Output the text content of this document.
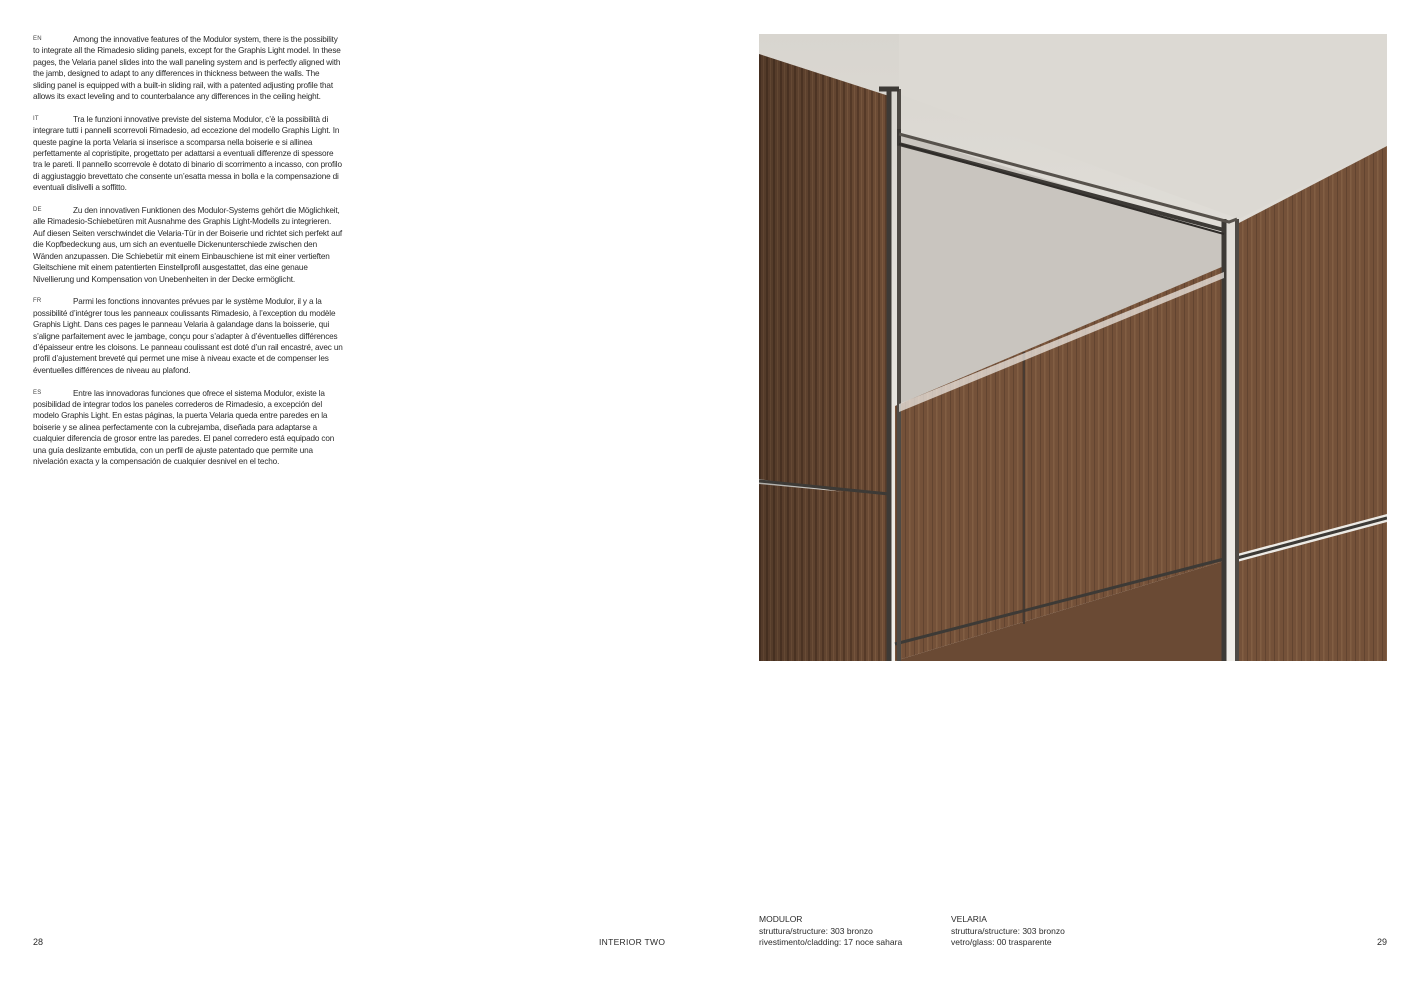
EN	Among the innovative features of the Modulor system, there is the possibility to integrate all the Rimadesio sliding panels, except for the Graphis Light model. In these pages, the Velaria panel slides into the wall paneling system and is perfectly aligned with the jamb, designed to adapt to any differences in thickness between the walls. The sliding panel is equipped with a built-in sliding rail, with a patented adjusting profile that allows its exact leveling and to counterbalance any differences in the ceiling height.
IT	Tra le funzioni innovative previste del sistema Modulor, c’è la possibilità di integrare tutti i pannelli scorrevoli Rimadesio, ad eccezione del modello Graphis Light. In queste pagine la porta Velaria si inserisce a scomparsa nella boiserie e si allinea perfettamente al copristipite, progettato per adattarsi a eventuali differenze di spessore tra le pareti. Il pannello scorrevole è dotato di binario di scorrimento a incasso, con profilo di aggiustaggio brevettato che consente un’esatta messa in bolla e la compensazione di eventuali dislivelli a soffitto.
DE	Zu den innovativen Funktionen des Modulor-Systems gehört die Möglichkeit, alle Rimadesio-Schiebetüren mit Ausnahme des Graphis Light-Modells zu integrieren. Auf diesen Seiten verschwindet die Velaria-Tür in der Boiserie und richtet sich perfekt auf die Kopfbedeckung aus, um sich an eventuelle Dickenunterschiede zwischen den Wänden anzupassen. Die Schiebetür mit einem Einbauschiene ist mit einer vertieften Gleitschiene mit einem patentierten Einstellprofil ausgestattet, das eine genaue Nivellierung und Kompensation von Unebenheiten in der Decke ermöglicht.
FR	Parmi les fonctions innovantes prévues par le système Modulor, il y a la possibilité d’intégrer tous les panneaux coulissants Rimadesio, à l’exception du modèle Graphis Light. Dans ces pages le panneau Velaria à galandage dans la boisserie, qui s’aligne parfaitement avec le jambage, conçu pour s’adapter à d’éventuelles différences d’épaisseur entre les cloisons. Le panneau coulissant est doté d’un rail encastré, avec un profil d’ajustement breveté qui permet une mise à niveau exacte et de compenser les éventuelles différences de niveau au plafond.
ES	Entre las innovadoras funciones que ofrece el sistema Modulor, existe la posibilidad de integrar todos los paneles correderos de Rimadesio, a excepción del modelo Graphis Light. En estas páginas, la puerta Velaria queda entre paredes en la boiserie y se alinea perfectamente con la cubrejamba, diseñada para adaptarse a cualquier diferencia de grosor entre las paredes. El panel corredero está equipado con una guía deslizante embutida, con un perfil de ajuste patentado que permite una nivelación exacta y la compensación de cualquier desnivel en el techo.
28	INTERIOR TWO
MODULOR
struttura/structure: 303 bronzo
rivestimento/cladding: 17 noce sahara
VELARIA
struttura/structure: 303 bronzo
vetro/glass: 00 trasparente	29
